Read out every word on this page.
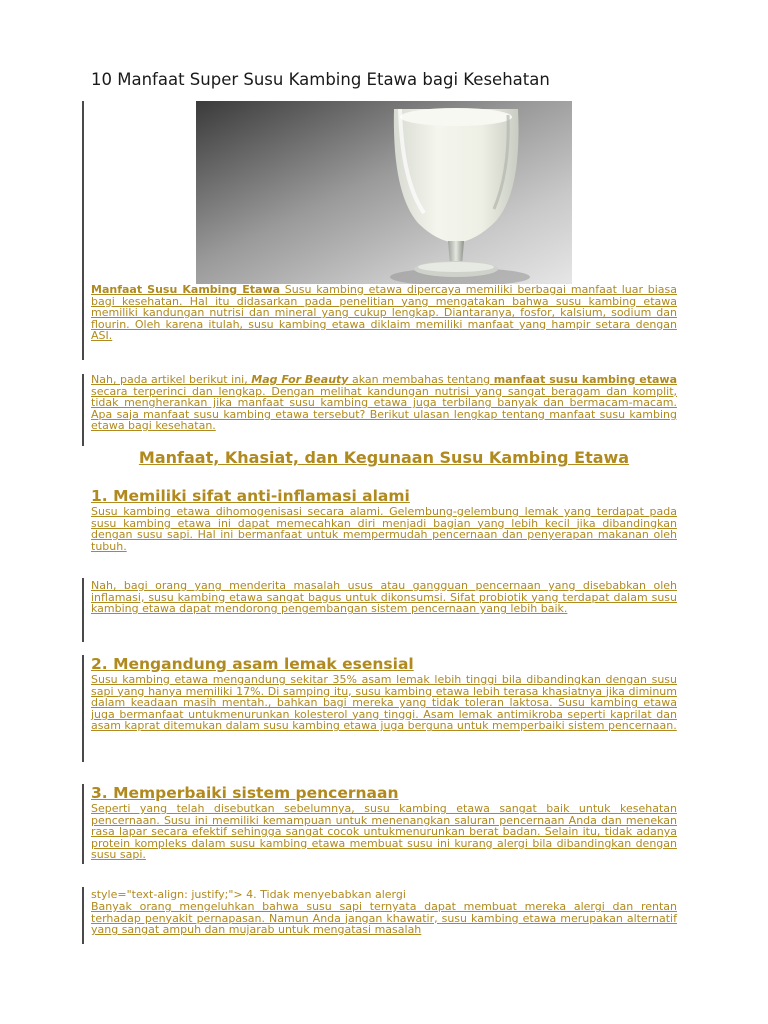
10 Manfaat Super Susu Kambing Etawa bagi Kesehatan
Manfaat Susu Kambing Etawa Susu kambing etawa dipercaya memiliki berbagai manfaat luar biasa bagi kesehatan. Hal itu didasarkan pada penelitian yang mengatakan bahwa susu kambing etawa memiliki kandungan nutrisi dan mineral yang cukup lengkap. Diantaranya, fosfor, kalsium, sodium dan flourin. Oleh karena itulah, susu kambing etawa diklaim memiliki manfaat yang hampir setara dengan ASI.
Nah, pada artikel berikut ini, Mag For Beauty akan membahas tentang manfaat susu kambing etawa secara terperinci dan lengkap. Dengan melihat kandungan nutrisi yang sangat beragam dan komplit, tidak mengherankan jika manfaat susu kambing etawa juga terbilang banyak dan bermacam-macam. Apa saja manfaat susu kambing etawa tersebut? Berikut ulasan lengkap tentang manfaat susu kambing etawa bagi kesehatan.
Manfaat, Khasiat, dan Kegunaan Susu Kambing Etawa
1. Memiliki sifat anti-inflamasi alami
Susu kambing etawa dihomogenisasi secara alami. Gelembung-gelembung lemak yang terdapat pada susu kambing etawa ini dapat memecahkan diri menjadi bagian yang lebih kecil jika dibandingkan dengan susu sapi. Hal ini bermanfaat untuk mempermudah pencernaan dan penyerapan makanan oleh tubuh.
Nah, bagi orang yang menderita masalah usus atau gangguan pencernaan yang disebabkan oleh inflamasi, susu kambing etawa sangat bagus untuk dikonsumsi. Sifat probiotik yang terdapat dalam susu kambing etawa dapat mendorong pengembangan sistem pencernaan yang lebih baik.
2. Mengandung asam lemak esensial
Susu kambing etawa mengandung sekitar 35% asam lemak lebih tinggi bila dibandingkan dengan susu sapi yang hanya memiliki 17%. Di samping itu, susu kambing etawa lebih terasa khasiatnya jika diminum dalam keadaan masih mentah., bahkan bagi mereka yang tidak toleran laktosa. Susu kambing etawa juga bermanfaat untukmenurunkan kolesterol yang tinggi. Asam lemak antimikroba seperti kaprilat dan asam kaprat ditemukan dalam susu kambing etawa juga berguna untuk memperbaiki sistem pencernaan.
3. Memperbaiki sistem pencernaan
Seperti yang telah disebutkan sebelumnya, susu kambing etawa sangat baik untuk kesehatan pencernaan. Susu ini memiliki kemampuan untuk menenangkan saluran pencernaan Anda dan menekan rasa lapar secara efektif sehingga sangat cocok untukmenurunkan berat badan. Selain itu, tidak adanya protein kompleks dalam susu kambing etawa membuat susu ini kurang alergi bila dibandingkan dengan susu sapi.
style="text-align: justify;"> 4. Tidak menyebabkan alergi
Banyak orang mengeluhkan bahwa susu sapi ternyata dapat membuat mereka alergi dan rentan terhadap penyakit pernapasan. Namun Anda jangan khawatir, susu kambing etawa merupakan alternatif yang sangat ampuh dan mujarab untuk mengatasi masalah
